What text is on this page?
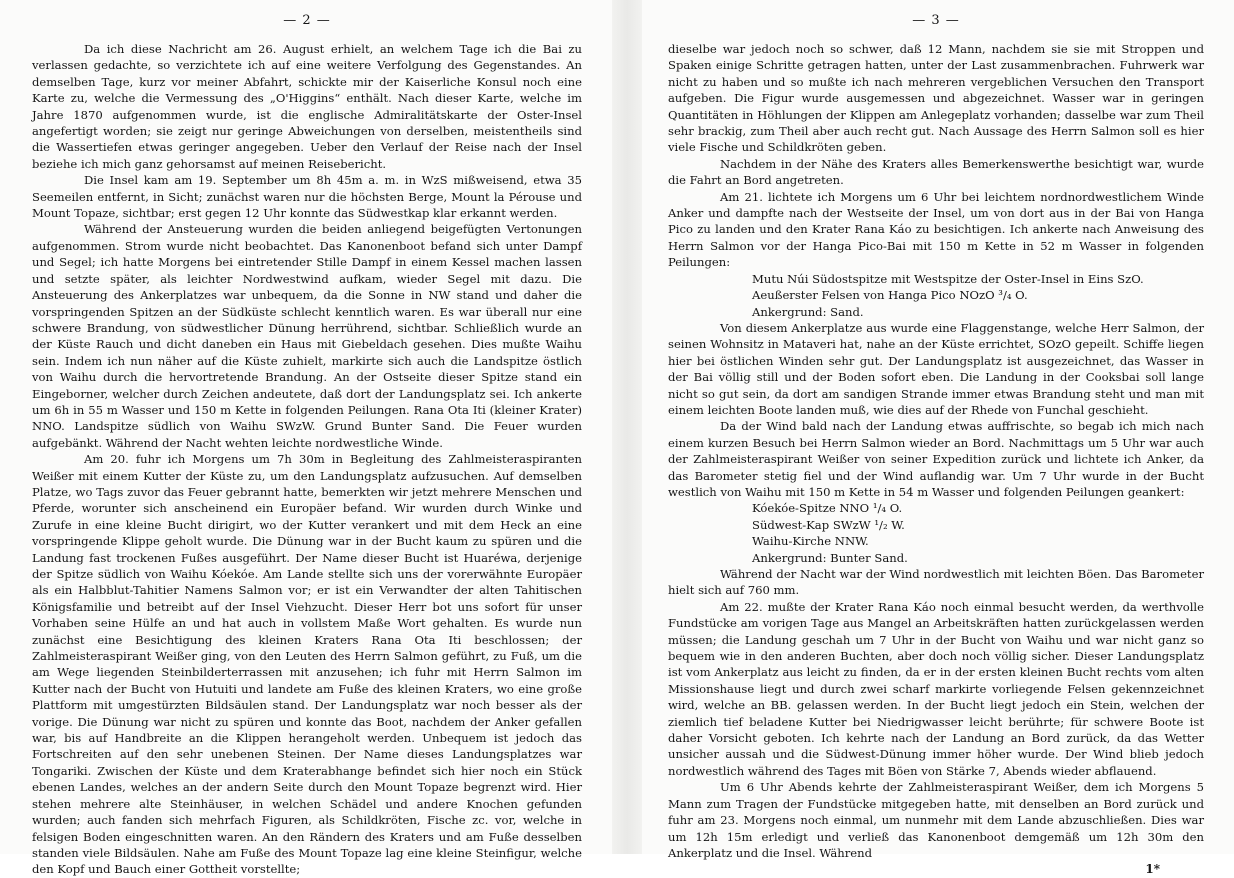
— 2 —

Da ich diese Nachricht am 26. August erhielt, an welchem Tage ich die Bai zu verlassen gedachte, so verzichtete ich auf eine weitere Verfolgung des Gegenstandes. An demselben Tage, kurz vor meiner Abfahrt, schickte mir der Kaiserliche Konsul noch eine Karte zu, welche die Vermessung des „O'Higgins“ enthält. Nach dieser Karte, welche im Jahre 1870 aufgenommen wurde, ist die englische Admiralitätskarte der Oster-Insel angefertigt worden; sie zeigt nur geringe Abweichungen von derselben, meistentheils sind die Wassertiefen etwas geringer angegeben. Ueber den Verlauf der Reise nach der Insel beziehe ich mich ganz gehorsamst auf meinen Reisebericht.

Die Insel kam am 19. September um 8h 45m a. m. in WzS mißweisend, etwa 35 Seemeilen entfernt, in Sicht; zunächst waren nur die höchsten Berge, Mount la Pérouse und Mount Topaze, sichtbar; erst gegen 12 Uhr konnte das Südwestkap klar erkannt werden.

Während der Ansteuerung wurden die beiden anliegend beigefügten Vertonungen aufgenommen. Strom wurde nicht beobachtet. Das Kanonenboot befand sich unter Dampf und Segel; ich hatte Morgens bei eintretender Stille Dampf in einem Kessel machen lassen und setzte später, als leichter Nordwestwind aufkam, wieder Segel mit dazu. Die Ansteuerung des Ankerplatzes war unbequem, da die Sonne in NW stand und daher die vorspringenden Spitzen an der Südküste schlecht kenntlich waren. Es war überall nur eine schwere Brandung, von südwestlicher Dünung herrührend, sichtbar. Schließlich wurde an der Küste Rauch und dicht daneben ein Haus mit Giebeldach gesehen. Dies mußte Waihu sein. Indem ich nun näher auf die Küste zuhielt, markirte sich auch die Landspitze östlich von Waihu durch die hervortretende Brandung. An der Ostseite dieser Spitze stand ein Eingeborner, welcher durch Zeichen andeutete, daß dort der Landungsplatz sei. Ich ankerte um 6h in 55 m Wasser und 150 m Kette in folgenden Peilungen. Rana Ota Iti (kleiner Krater) NNO. Landspitze südlich von Waihu SWzW. Grund Bunter Sand. Die Feuer wurden aufgebänkt. Während der Nacht wehten leichte nordwestliche Winde.

Am 20. fuhr ich Morgens um 7h 30m in Begleitung des Zahlmeisteraspiranten Weißer mit einem Kutter der Küste zu, um den Landungsplatz aufzusuchen. Auf demselben Platze, wo Tags zuvor das Feuer gebrannt hatte, bemerkten wir jetzt mehrere Menschen und Pferde, worunter sich anscheinend ein Europäer befand. Wir wurden durch Winke und Zurufe in eine kleine Bucht dirigirt, wo der Kutter verankert und mit dem Heck an eine vorspringende Klippe geholt wurde. Die Dünung war in der Bucht kaum zu spüren und die Landung fast trockenen Fußes ausgeführt. Der Name dieser Bucht ist Huaréwa, derjenige der Spitze südlich von Waihu Kóekóe. Am Lande stellte sich uns der vorerwähnte Europäer als ein Halbblut-Tahitier Namens Salmon vor; er ist ein Verwandter der alten Tahitischen Königsfamilie und betreibt auf der Insel Viehzucht. Dieser Herr bot uns sofort für unser Vorhaben seine Hülfe an und hat auch in vollstem Maße Wort gehalten. Es wurde nun zunächst eine Besichtigung des kleinen Kraters Rana Ota Iti beschlossen; der Zahlmeisteraspirant Weißer ging, von den Leuten des Herrn Salmon geführt, zu Fuß, um die am Wege liegenden Steinbilderterrassen mit anzusehen; ich fuhr mit Herrn Salmon im Kutter nach der Bucht von Hutuiti und landete am Fuße des kleinen Kraters, wo eine große Plattform mit umgestürzten Bildsäulen stand. Der Landungsplatz war noch besser als der vorige. Die Dünung war nicht zu spüren und konnte das Boot, nachdem der Anker gefallen war, bis auf Handbreite an die Klippen herangeholt werden. Unbequem ist jedoch das Fortschreiten auf den sehr unebenen Steinen. Der Name dieses Landungsplatzes war Tongariki. Zwischen der Küste und dem Kraterabhange befindet sich hier noch ein Stück ebenen Landes, welches an der andern Seite durch den Mount Topaze begrenzt wird. Hier stehen mehrere alte Steinhäuser, in welchen Schädel und andere Knochen gefunden wurden; auch fanden sich mehrfach Figuren, als Schildkröten, Fische zc. vor, welche in felsigen Boden eingeschnitten waren. An den Rändern des Kraters und am Fuße desselben standen viele Bildsäulen. Nahe am Fuße des Mount Topaze lag eine kleine Steinfigur, welche den Kopf und Bauch einer Gottheit vorstellte;

— 3 —

dieselbe war jedoch noch so schwer, daß 12 Mann, nachdem sie sie mit Stroppen und Spaken einige Schritte getragen hatten, unter der Last zusammenbrachen. Fuhrwerk war nicht zu haben und so mußte ich nach mehreren vergeblichen Versuchen den Transport aufgeben. Die Figur wurde ausgemessen und abgezeichnet. Wasser war in geringen Quantitäten in Höhlungen der Klippen am Anlegeplatz vorhanden; dasselbe war zum Theil sehr brackig, zum Theil aber auch recht gut. Nach Aussage des Herrn Salmon soll es hier viele Fische und Schildkröten geben.

Nachdem in der Nähe des Kraters alles Bemerkenswerthe besichtigt war, wurde die Fahrt an Bord angetreten.

Am 21. lichtete ich Morgens um 6 Uhr bei leichtem nordnordwestlichem Winde Anker und dampfte nach der Westseite der Insel, um von dort aus in der Bai von Hanga Pico zu landen und den Krater Rana Káo zu besichtigen. Ich ankerte nach Anweisung des Herrn Salmon vor der Hanga Pico-Bai mit 150 m Kette in 52 m Wasser in folgenden Peilungen:

Mutu Núi Südostspitze mit Westspitze der Oster-Insel in Eins SzO.
Aeußerster Felsen von Hanga Pico NOzO ³/₄ O.
Ankergrund: Sand.

Von diesem Ankerplatze aus wurde eine Flaggenstange, welche Herr Salmon, der seinen Wohnsitz in Mataveri hat, nahe an der Küste errichtet, SOzO gepeilt. Schiffe liegen hier bei östlichen Winden sehr gut. Der Landungsplatz ist ausgezeichnet, das Wasser in der Bai völlig still und der Boden sofort eben. Die Landung in der Cooksbai soll lange nicht so gut sein, da dort am sandigen Strande immer etwas Brandung steht und man mit einem leichten Boote landen muß, wie dies auf der Rhede von Funchal geschieht.

Da der Wind bald nach der Landung etwas auffrischte, so begab ich mich nach einem kurzen Besuch bei Herrn Salmon wieder an Bord. Nachmittags um 5 Uhr war auch der Zahlmeisteraspirant Weißer von seiner Expedition zurück und lichtete ich Anker, da das Barometer stetig fiel und der Wind auflandig war. Um 7 Uhr wurde in der Bucht westlich von Waihu mit 150 m Kette in 54 m Wasser und folgenden Peilungen geankert:

Kóekóe-Spitze NNO ¹/₄ O.
Südwest-Kap SWzW ¹/₂ W.
Waihu-Kirche NNW.
Ankergrund: Bunter Sand.

Während der Nacht war der Wind nordwestlich mit leichten Böen. Das Barometer hielt sich auf 760 mm.

Am 22. mußte der Krater Rana Káo noch einmal besucht werden, da werthvolle Fundstücke am vorigen Tage aus Mangel an Arbeitskräften hatten zurückgelassen werden müssen; die Landung geschah um 7 Uhr in der Bucht von Waihu und war nicht ganz so bequem wie in den anderen Buchten, aber doch noch völlig sicher. Dieser Landungsplatz ist vom Ankerplatz aus leicht zu finden, da er in der ersten kleinen Bucht rechts vom alten Missionshause liegt und durch zwei scharf markirte vorliegende Felsen gekennzeichnet wird, welche an BB. gelassen werden. In der Bucht liegt jedoch ein Stein, welchen der ziemlich tief beladene Kutter bei Niedrigwasser leicht berührte; für schwere Boote ist daher Vorsicht geboten. Ich kehrte nach der Landung an Bord zurück, da das Wetter unsicher aussah und die Südwest-Dünung immer höher wurde. Der Wind blieb jedoch nordwestlich während des Tages mit Böen von Stärke 7, Abends wieder abflauend.

Um 6 Uhr Abends kehrte der Zahlmeisteraspirant Weißer, dem ich Morgens 5 Mann zum Tragen der Fundstücke mitgegeben hatte, mit denselben an Bord zurück und fuhr am 23. Morgens noch einmal, um nunmehr mit dem Lande abzuschließen. Dies war um 12h 15m erledigt und verließ das Kanonenboot demgemäß um 12h 30m den Ankerplatz und die Insel. Während

1*
